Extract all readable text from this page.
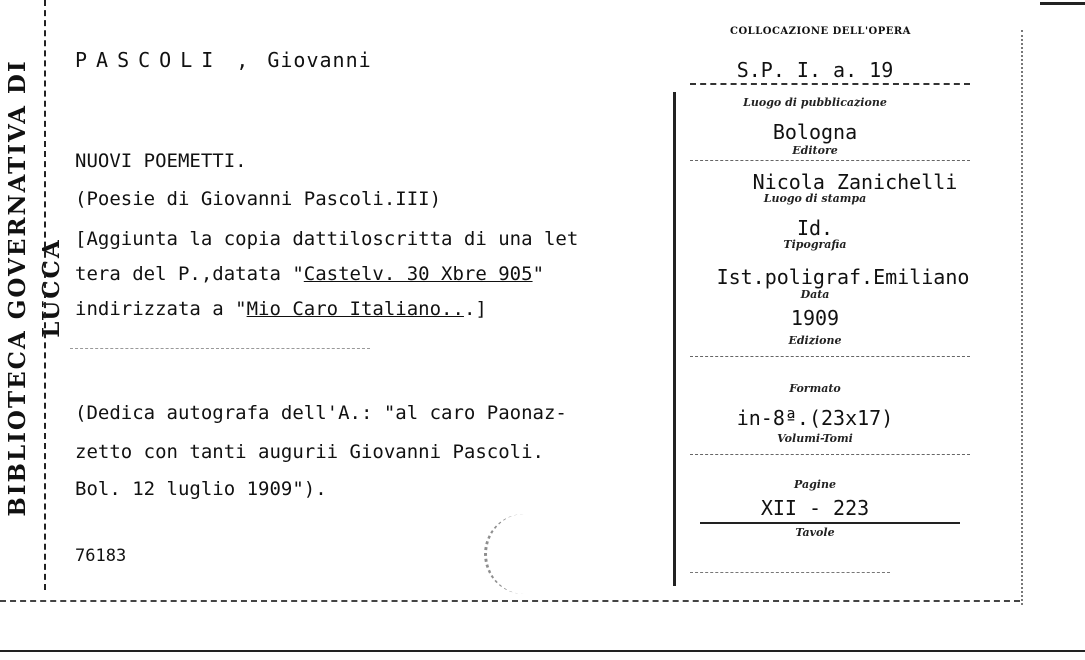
BIBLIOTECA GOVERNATIVA DI LUCCA
PASCOLI , Giovanni
NUOVI POEMETTI.
(Poesie di Giovanni Pascoli.III)
[Aggiunta la copia dattiloscritta di una let
tera del P.,datata "Castelv. 30 Xbre 905"
indirizzata a "Mio Caro Italiano...]
(Dedica autografa dell'A.: "al caro Paonaz-
zetto con tanti augurii Giovanni Pascoli.
Bol. 12 luglio 1909").
76183
COLLOCAZIONE DELL'OPERA
S.P. I. a. 19
Luogo di pubblicazione
Bologna
Editore
Nicola Zanichelli
Luogo di stampa
Id.
Tipografia
Ist.poligraf.Emiliano
Data
1909
Edizione
Formato
in-8ª.(23x17)
Volumi-Tomi
Pagine
XII - 223
Tavole
